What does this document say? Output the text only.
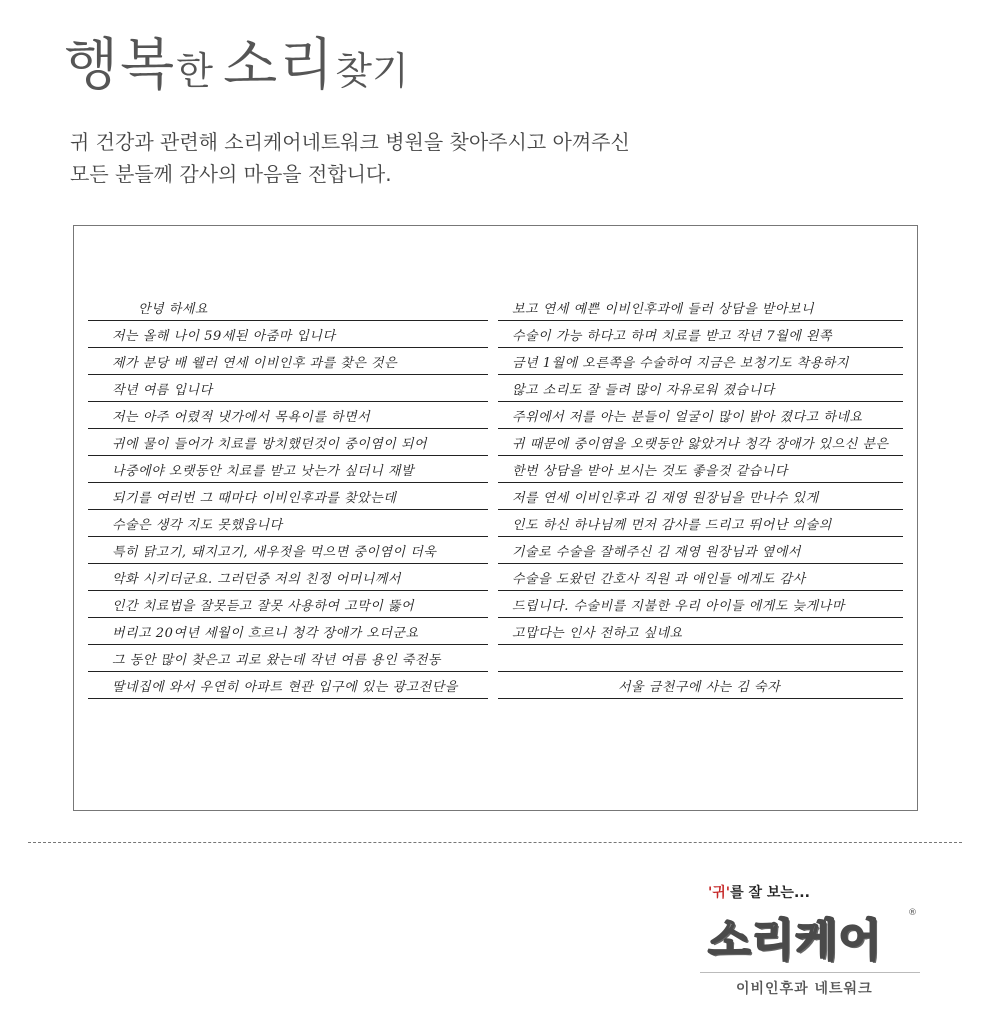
행복한 소리찾기
귀 건강과 관련해 소리케어네트워크 병원을 찾아주시고 아껴주신
모든 분들께 감사의 마음을 전합니다.
안녕 하세요
저는 올해 나이 59세된 아줌마 입니다
제가 분당 배 웰러 연세 이비인후 과를 찾은 것은
작년 여름 입니다
저는 아주 어렸적 냇가에서 목욕이를 하면서
귀에 물이 들어가 치료를 방치했던것이 중이염이 되어
나중에야 오랫동안 치료를 받고 낫는가 싶더니 재발
되기를 여러번 그 때마다 이비인후과를 찾았는데
수술은 생각 지도 못했읍니다
특히 닭고기, 돼지고기, 새우젓을 먹으면 중이염이 더욱
악화 시키더군요. 그러던중 저의 친정 어머니께서
인간 치료법을 잘못듣고 잘못 사용하여 고막이 뚫어
버리고 20여년 세월이 흐르니 청각 장애가 오더군요
그 동안 많이 찾은고 괴로 왔는데 작년 여름 용인 죽전동
딸네집에 와서 우연히 아파트 현관 입구에 있는 광고전단을
보고 연세 예쁜 이비인후과에 들러 상담을 받아보니
수술이 가능 하다고 하며 치료를 받고 작년 7월에 왼쪽
금년 1월에 오른쪽을 수술하여 지금은 보청기도 착용하지
않고 소리도 잘 들려 많이 자유로워 졌습니다
주위에서 저를 아는 분들이 얼굴이 많이 밝아 졌다고 하네요
귀 때문에 중이염을 오랫동안 앓았거나 청각 장애가 있으신 분은
한번 상담을 받아 보시는 것도 좋을것 같습니다
저를 연세 이비인후과 김 재영 원장님을 만나수 있게
인도 하신 하나님께 먼저 감사를 드리고 뛰어난 의술의
기술로 수술을 잘해주신 김 재영 원장님과 옆에서
수술을 도왔던 간호사 직원 과 애인들 에게도 감사
드립니다. 수술비를 지불한 우리 아이들 에게도 늦게나마
고맙다는 인사 전하고 싶네요
서울 금천구에 사는 김 숙자
'귀'를 잘 보는...
소리케어
®
이비인후과 네트워크
